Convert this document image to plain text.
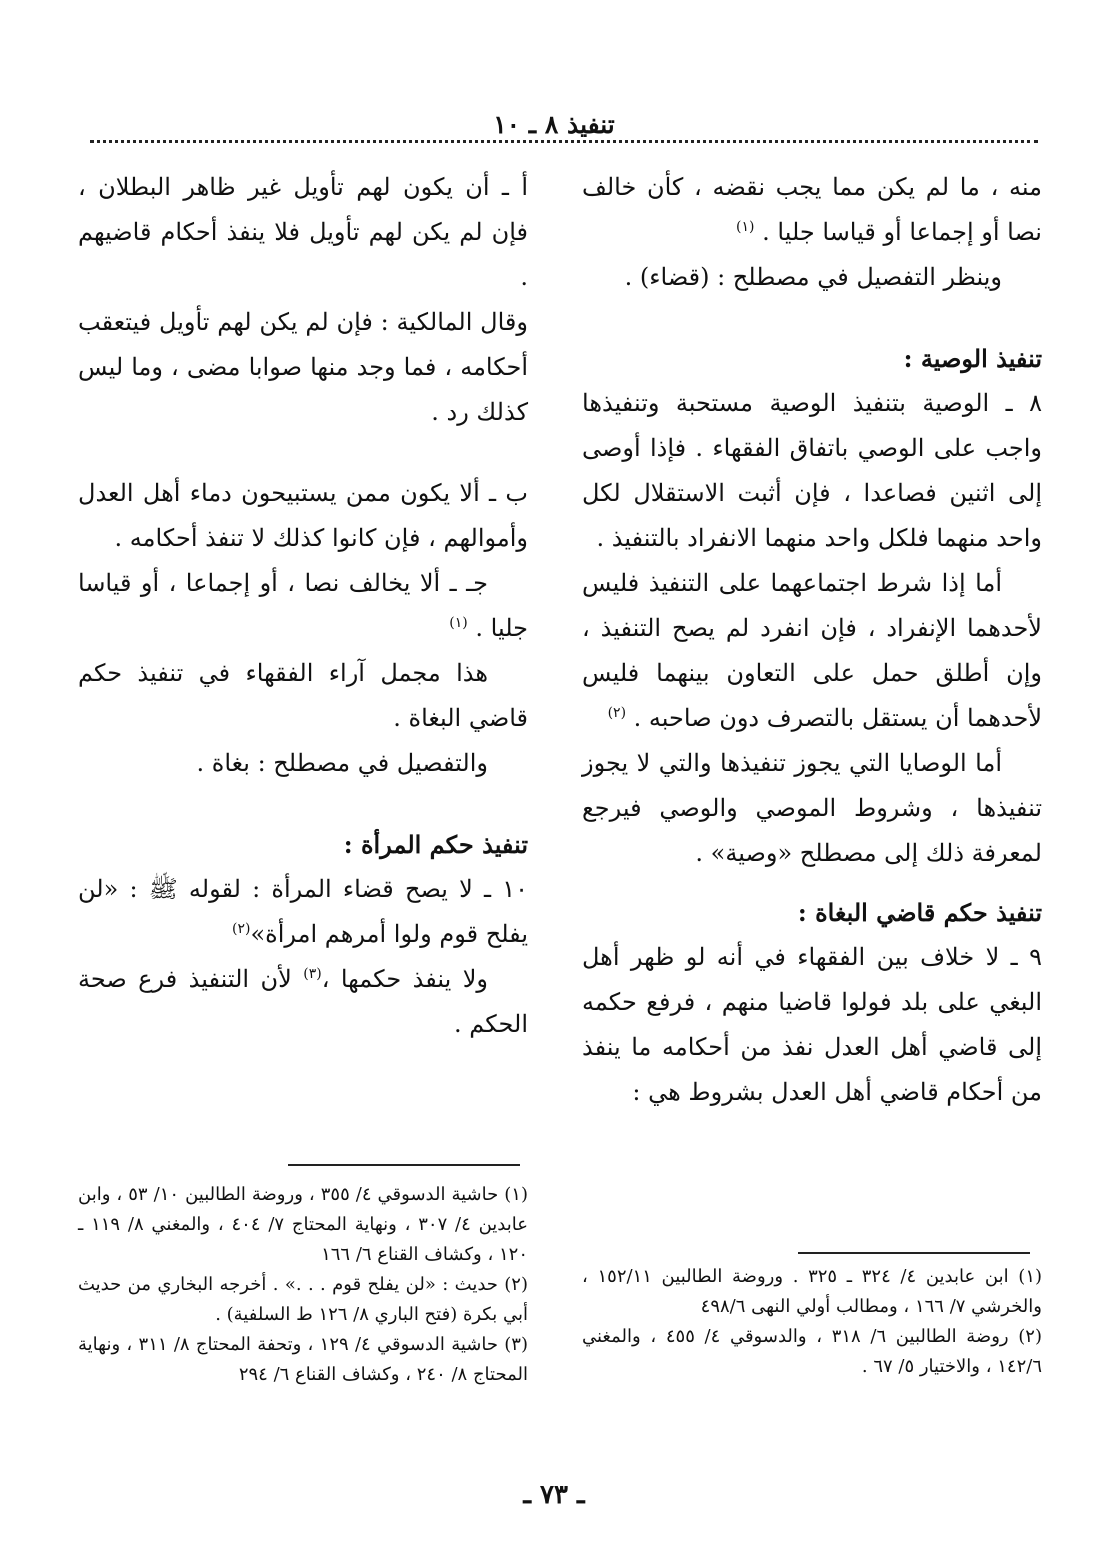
تنفيذ ٨ ـ ١٠

منه ، ما لم يكن مما يجب نقضه ، كأن خالف نصا أو إجماعا أو قياسا جليا . $^{(١)}$

وينظر التفصيل في مصطلح : (قضاء) .

تنفيذ الوصية :

٨ ـ الوصية بتنفيذ الوصية مستحبة وتنفيذها واجب على الوصي باتفاق الفقهاء . فإذا أوصى إلى اثنين فصاعدا ، فإن أثبت الاستقلال لكل واحد منهما فلكل واحد منهما الانفراد بالتنفيذ .

أما إذا شرط اجتماعهما على التنفيذ فليس لأحدهما الإنفراد ، فإن انفرد لم يصح التنفيذ ، وإن أطلق حمل على التعاون بينهما فليس لأحدهما أن يستقل بالتصرف دون صاحبه . $^{(٢)}$

أما الوصايا التي يجوز تنفيذها والتي لا يجوز تنفيذها ، وشروط الموصي والوصي فيرجع لمعرفة ذلك إلى مصطلح «وصية» .

تنفيذ حكم قاضي البغاة :

٩ ـ لا خلاف بين الفقهاء في أنه لو ظهر أهل البغي على بلد فولوا قاضيا منهم ، فرفع حكمه إلى قاضي أهل العدل نفذ من أحكامه ما ينفذ من أحكام قاضي أهل العدل بشروط هي :

أ ـ أن يكون لهم تأويل غير ظاهر البطلان ، فإن لم يكن لهم تأويل فلا ينفذ أحكام قاضيهم .

وقال المالكية : فإن لم يكن لهم تأويل فيتعقب أحكامه ، فما وجد منها صوابا مضى ، وما ليس كذلك رد .

ب ـ ألا يكون ممن يستبيحون دماء أهل العدل وأموالهم ، فإن كانوا كذلك لا تنفذ أحكامه .

جـ ـ ألا يخالف نصا ، أو إجماعا ، أو قياسا جليا . $^{(١)}$

هذا مجمل آراء الفقهاء في تنفيذ حكم قاضي البغاة .

والتفصيل في مصطلح : بغاة .

تنفيذ حكم المرأة :

١٠ ـ لا يصح قضاء المرأة : لقوله ﷺ : «لن يفلح قوم ولوا أمرهم امرأة»$^{(٢)}$

ولا ينفذ حكمها ،$^{(٣)}$ لأن التنفيذ فرع صحة الحكم .

(١) ابن عابدين ٤/ ٣٢٤ ـ ٣٢٥ . وروضة الطالبين ١٥٢/١١ ، والخرشي ٧/ ١٦٦ ، ومطالب أولي النهى ٤٩٨/٦

(٢) روضة الطالبين ٦/ ٣١٨ ، والدسوقي ٤/ ٤٥٥ ، والمغني ١٤٢/٦ ، والاختيار ٥/ ٦٧ .

(١) حاشية الدسوقي ٤/ ٣٥٥ ، وروضة الطالبين ١٠/ ٥٣ ، وابن عابدين ٤/ ٣٠٧ ، ونهاية المحتاج ٧/ ٤٠٤ ، والمغني ٨/ ١١٩ ـ ١٢٠ ، وكشاف القناع ٦/ ١٦٦

(٢) حديث : «لن يفلح قوم . . .» . أخرجه البخاري من حديث أبي بكرة (فتح الباري ٨/ ١٢٦ ط السلفية) .

(٣) حاشية الدسوقي ٤/ ١٢٩ ، وتحفة المحتاج ٨/ ٣١١ ، ونهاية المحتاج ٨/ ٢٤٠ ، وكشاف القناع ٦/ ٢٩٤

ـ ٧٣ ـ
